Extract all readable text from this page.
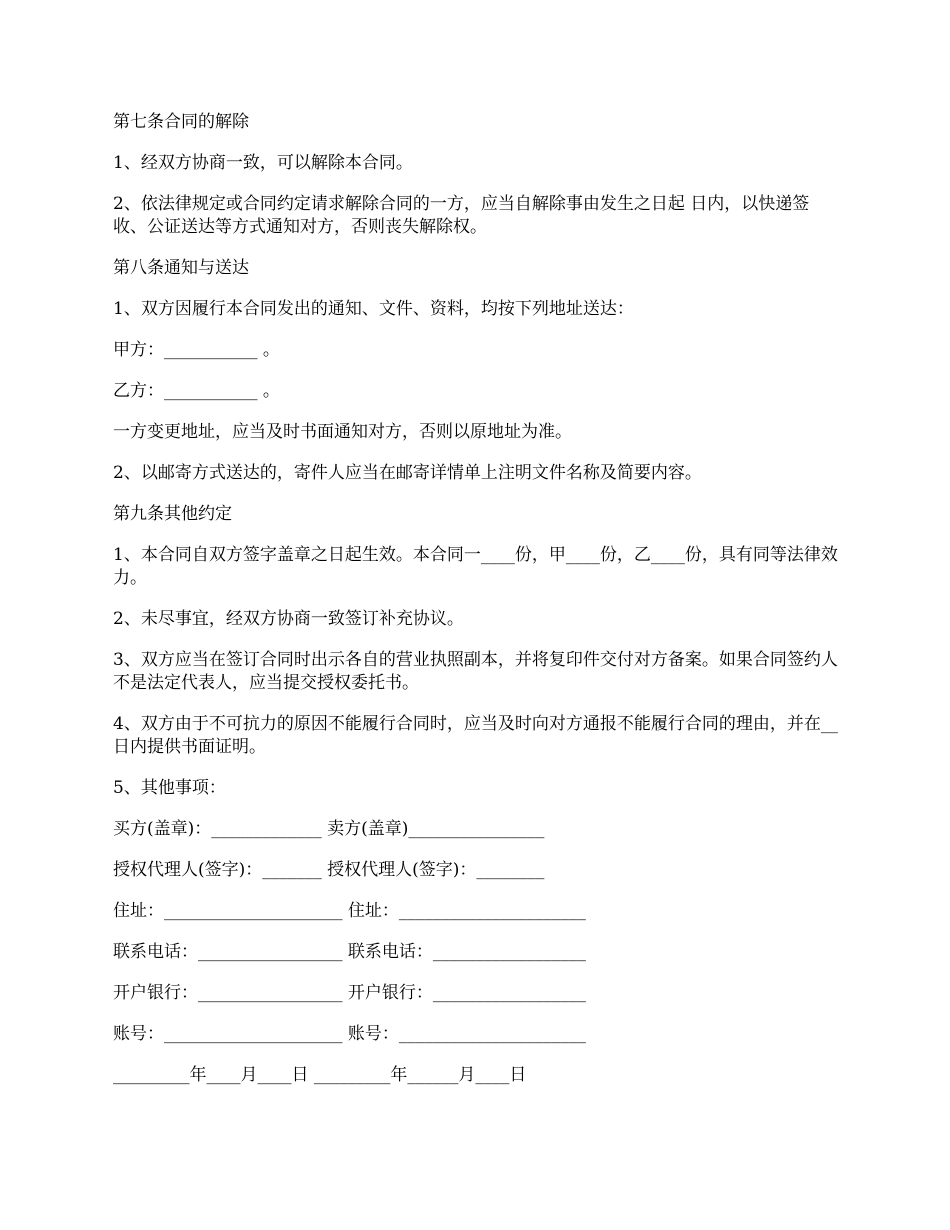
第七条合同的解除

1、经双方协商一致，可以解除本合同。

2、依法律规定或合同约定请求解除合同的一方，应当自解除事由发生之日起 日内，以快递签收、公证送达等方式通知对方，否则丧失解除权。

第八条通知与送达

1、双方因履行本合同发出的通知、文件、资料，均按下列地址送达：

甲方：___________ 。

乙方：___________ 。

一方变更地址，应当及时书面通知对方，否则以原地址为准。

2、以邮寄方式送达的，寄件人应当在邮寄详情单上注明文件名称及简要内容。

第九条其他约定

1、本合同自双方签字盖章之日起生效。本合同一____份，甲____份，乙____份，具有同等法律效力。

2、未尽事宜，经双方协商一致签订补充协议。

3、双方应当在签订合同时出示各自的营业执照副本，并将复印件交付对方备案。如果合同签约人不是法定代表人，应当提交授权委托书。

4、双方由于不可抗力的原因不能履行合同时，应当及时向对方通报不能履行合同的理由，并在__日内提供书面证明。

5、其他事项：

买方(盖章)：_____________ 卖方(盖章)________________

授权代理人(签字)：_______ 授权代理人(签字)：________

住址：_____________________ 住址：______________________

联系电话：_________________ 联系电话：__________________

开户银行：_________________ 开户银行：__________________

账号：_____________________ 账号：______________________

_________年____月____日 _________年______月____日
